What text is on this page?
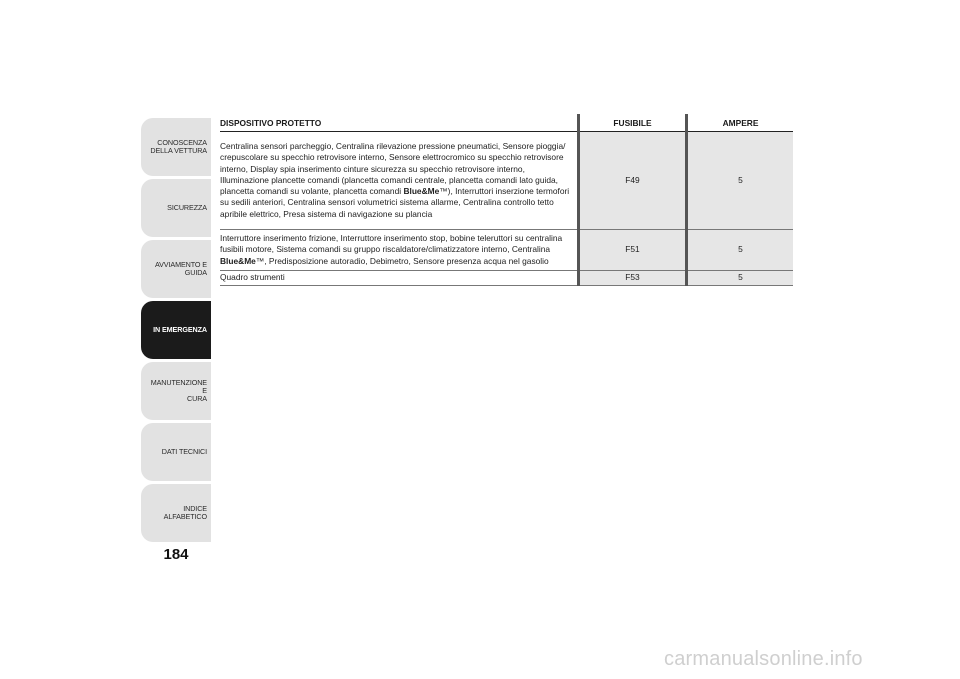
CONOSCENZA
DELLA VETTURA
SICUREZZA
AVVIAMENTO E
GUIDA
IN EMERGENZA
MANUTENZIONE E
CURA
DATI TECNICI
INDICE ALFABETICO
184
DISPOSITIVO PROTETTO	FUSIBILE	AMPERE
Centralina sensori parcheggio, Centralina rilevazione pressione pneumatici, Sensore pioggia/ crepuscolare su specchio retrovisore interno, Sensore elettrocromico su specchio retrovisore interno, Display spia inserimento cinture sicurezza su specchio retrovisore interno, Illuminazione plancette comandi (plancetta comandi centrale, plancetta comandi lato guida, plancetta comandi su volante, plancetta comandi Blue&Me™), Interruttori inserzione termofori su sedili anteriori, Centralina sensori volumetrici sistema allarme, Centralina controllo tetto apribile elettrico, Presa sistema di navigazione su plancia	F49	5
Interruttore inserimento frizione, Interruttore inserimento stop, bobine teleruttori su centralina fusibili motore, Sistema comandi su gruppo riscaldatore/climatizzatore interno, Centralina Blue&Me™, Predisposizione autoradio, Debimetro, Sensore presenza acqua nel gasolio	F51	5
Quadro strumenti	F53	5
carmanualsonline.info
